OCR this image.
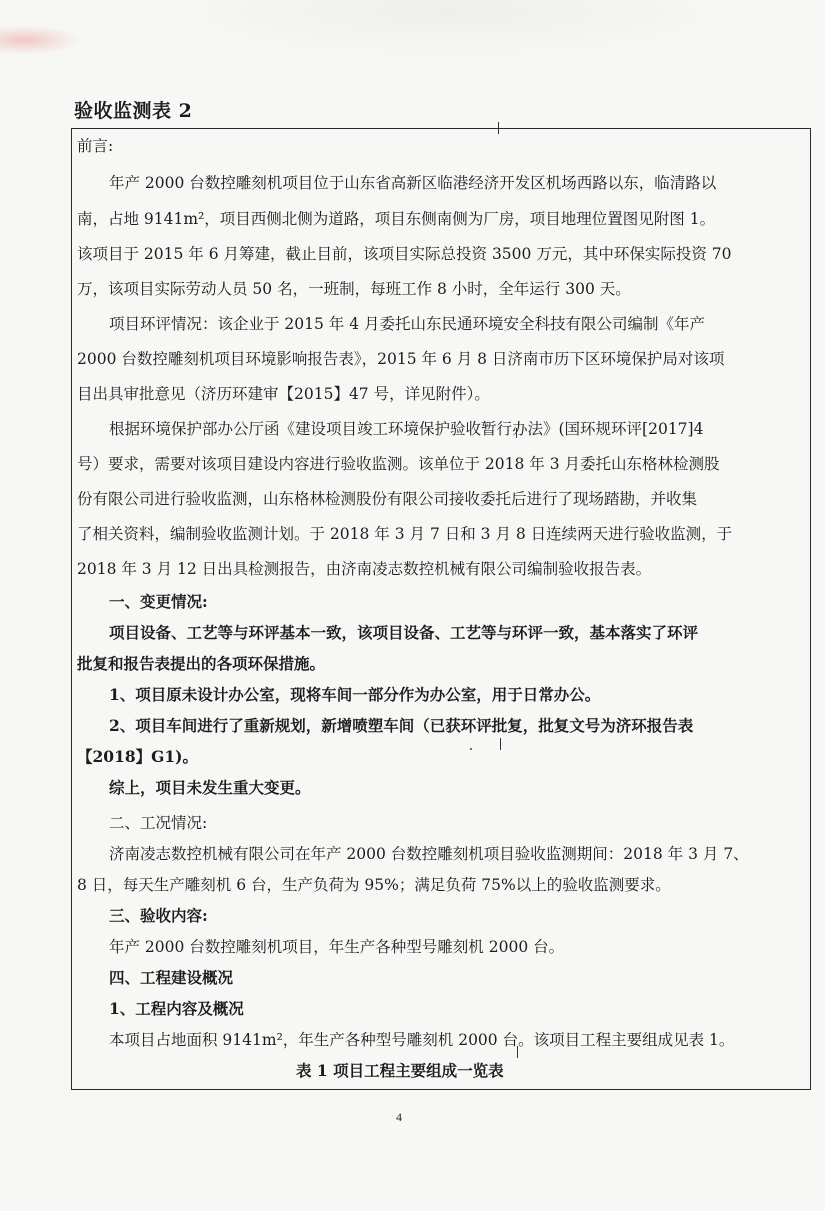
验收监测表 2
前言:
年产 2000 台数控雕刻机项目位于山东省高新区临港经济开发区机场西路以东，临清路以
南，占地 9141m²，项目西侧北侧为道路，项目东侧南侧为厂房，项目地理位置图见附图 1。
该项目于 2015 年 6 月筹建，截止目前，该项目实际总投资 3500 万元，其中环保实际投资 70
万，该项目实际劳动人员 50 名，一班制，每班工作 8 小时，全年运行 300 天。
项目环评情况：该企业于 2015 年 4 月委托山东民通环境安全科技有限公司编制《年产
2000 台数控雕刻机项目环境影响报告表》，2015 年 6 月 8 日济南市历下区环境保护局对该项
目出具审批意见（济历环建审【2015】47 号，详见附件）。
根据环境保护部办公厅函《建设项目竣工环境保护验收暂行办法》(国环规环评[2017]4
号）要求，需要对该项目建设内容进行验收监测。该单位于 2018 年 3 月委托山东格林检测股
份有限公司进行验收监测，山东格林检测股份有限公司接收委托后进行了现场踏勘，并收集
了相关资料，编制验收监测计划。于 2018 年 3 月 7 日和 3 月 8 日连续两天进行验收监测，于
2018 年 3 月 12 日出具检测报告，由济南凌志数控机械有限公司编制验收报告表。
一、变更情况:
项目设备、工艺等与环评基本一致，该项目设备、工艺等与环评一致，基本落实了环评
批复和报告表提出的各项环保措施。
1、项目原未设计办公室，现将车间一部分作为办公室，用于日常办公。
2、项目车间进行了重新规划，新增喷塑车间（已获环评批复，批复文号为济环报告表
【2018】G1)。
综上，项目未发生重大变更。
二、工况情况:
济南凌志数控机械有限公司在年产 2000 台数控雕刻机项目验收监测期间：2018 年 3 月 7、
8 日，每天生产雕刻机 6 台，生产负荷为 95%；满足负荷 75%以上的验收监测要求。
三、验收内容:
年产 2000 台数控雕刻机项目，年生产各种型号雕刻机 2000 台。
四、工程建设概况
1、工程内容及概况
4
本项目占地面积 9141m²，年生产各种型号雕刻机 2000 台。该项目工程主要组成见表 1。
表 1 项目工程主要组成一览表
